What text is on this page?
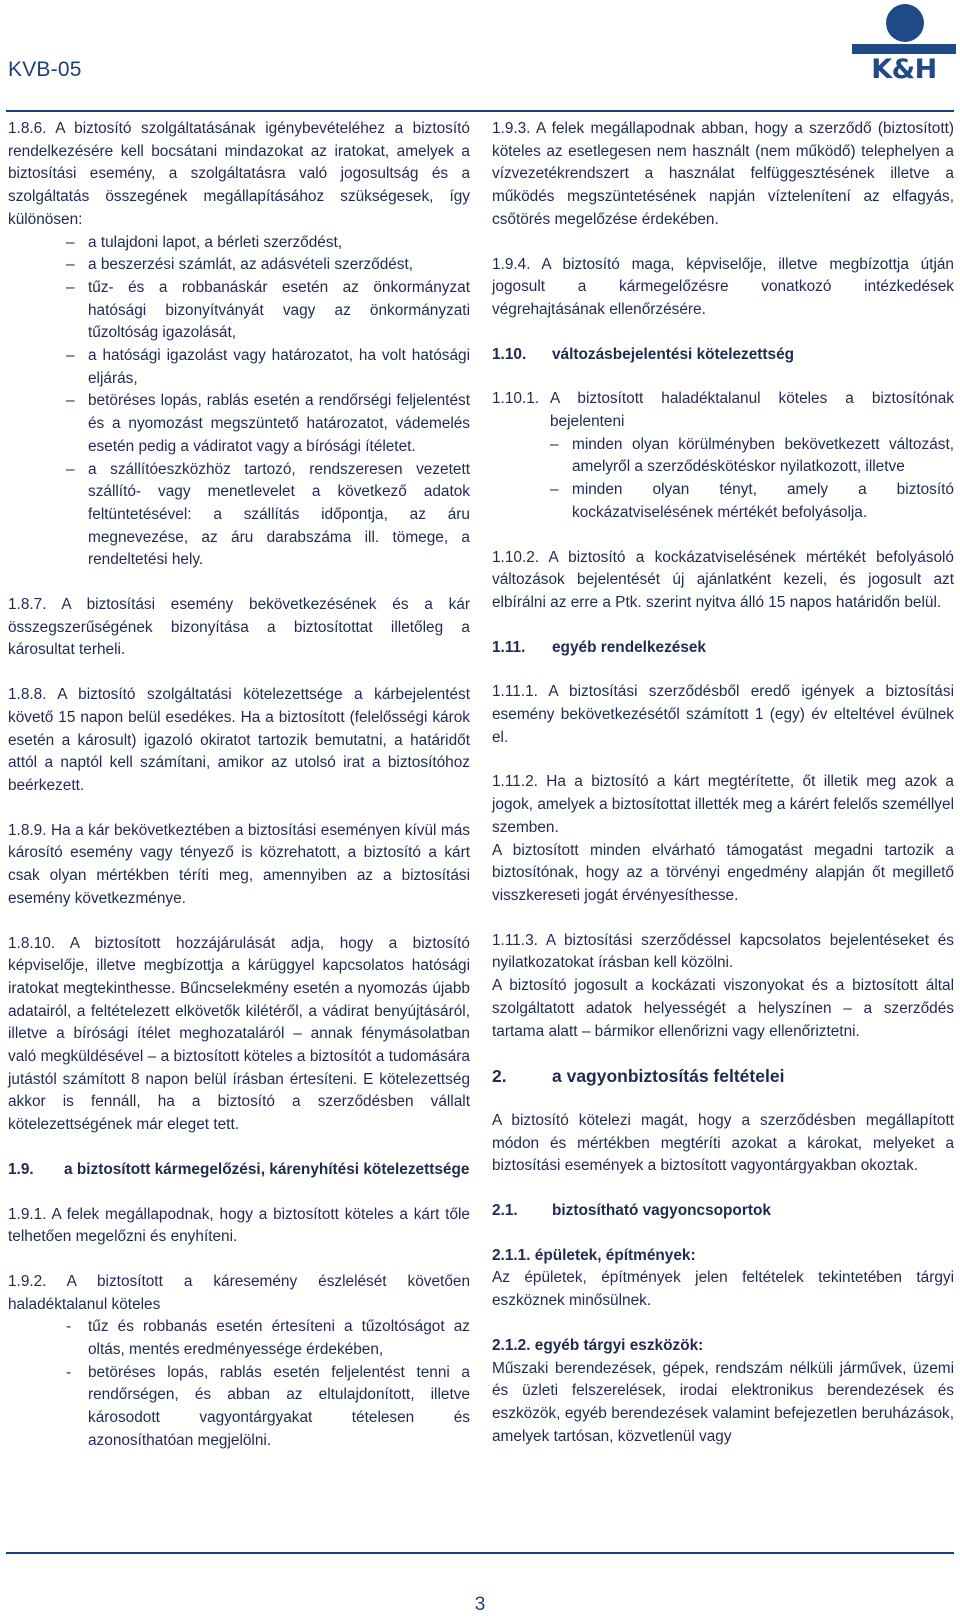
KVB-05	K&H

1.8.6. A biztosító szolgáltatásának igénybevételéhez a biztosító rendelkezésére kell bocsátani mindazokat az iratokat, amelyek a biztosítási esemény, a szolgáltatásra való jogosultság és a szolgáltatás összegének megállapításához szükségesek, így különösen:

– a tulajdoni lapot, a bérleti szerződést,
– a beszerzési számlát, az adásvételi szerződést,
– tűz- és a robbanáskár esetén az önkormányzat hatósági bizonyítványát vagy az önkormányzati tűzoltóság igazolását,
– a hatósági igazolást vagy határozatot, ha volt hatósági eljárás,
– betöréses lopás, rablás esetén a rendőrségi feljelentést és a nyomozást megszüntető határozatot, vádemelés esetén pedig a vádiratot vagy a bírósági ítéletet.
– a szállítóeszközhöz tartozó, rendszeresen vezetett szállító- vagy menetlevelet a következő adatok feltüntetésével: a szállítás időpontja, az áru megnevezése, az áru darabszáma ill. tömege, a rendeltetési hely.

1.8.7. A biztosítási esemény bekövetkezésének és a kár összegszerűségének bizonyítása a biztosítottat illetőleg a károsultat terheli.

1.8.8. A biztosító szolgáltatási kötelezettsége a kárbejelentést követő 15 napon belül esedékes. Ha a biztosított (felelősségi károk esetén a károsult) igazoló okiratot tartozik bemutatni, a határidőt attól a naptól kell számítani, amikor az utolsó irat a biztosítóhoz beérkezett.

1.8.9. Ha a kár bekövetkeztében a biztosítási eseményen kívül más károsító esemény vagy tényező is közrehatott, a biztosító a kárt csak olyan mértékben téríti meg, amennyiben az a biztosítási esemény következménye.

1.8.10. A biztosított hozzájárulását adja, hogy a biztosító képviselője, illetve megbízottja a kárüggyel kapcsolatos hatósági iratokat megtekinthesse. Bűncselekmény esetén a nyomozás újabb adatairól, a feltételezett elkövetők kilétéről, a vádirat benyújtásáról, illetve a bírósági ítélet meghozataláról – annak fénymásolatban való megküldésével – a biztosított köteles a biztosítót a tudomására jutástól számított 8 napon belül írásban értesíteni. E kötelezettség akkor is fennáll, ha a biztosító a szerződésben vállalt kötelezettségének már eleget tett.

1.9.	a biztosított kármegelőzési, kárenyhítési kötelezettsége

1.9.1. A felek megállapodnak, hogy a biztosított köteles a kárt tőle telhetően megelőzni és enyhíteni.

1.9.2. A biztosított a káresemény észlelését követően haladéktalanul köteles

- tűz és robbanás esetén értesíteni a tűzoltóságot az oltás, mentés eredményessége érdekében,
- betöréses lopás, rablás esetén feljelentést tenni a rendőrségen, és abban az eltulajdonított, illetve károsodott vagyontárgyakat tételesen és azonosíthatóan megjelölni.

1.9.3. A felek megállapodnak abban, hogy a szerződő (biztosított) köteles az esetlegesen nem használt (nem működő) telephelyen a vízvezetékrendszert a használat felfüggesztésének illetve a működés megszüntetésének napján víztelenítení az elfagyás, csőtörés megelőzése érdekében.

1.9.4. A biztosító maga, képviselője, illetve megbízottja útján jogosult a kármegelőzésre vonatkozó intézkedések végrehajtásának ellenőrzésére.

1.10. változásbejelentési kötelezettség
1.10.1. A biztosított haladéktalanul köteles a biztosítónak bejelenteni
– minden olyan körülményben bekövetkezett változást, amelyről a szerződéskötéskor nyilatkozott, illetve
– minden olyan tényt, amely a biztosító kockázatviselésének mértékét befolyásolja.

1.10.2. A biztosító a kockázatviselésének mértékét befolyásoló változások bejelentését új ajánlatként kezeli, és jogosult azt elbírálni az erre a Ptk. szerint nyitva álló 15 napos határidőn belül.

1.11. egyéb rendelkezések

1.11.1. A biztosítási szerződésből eredő igények a biztosítási esemény bekövetkezésétől számított 1 (egy) év elteltével évülnek el.

1.11.2. Ha a biztosító a kárt megtérítette, őt illetik meg azok a jogok, amelyek a biztosítottat illették meg a kárért felelős személlyel szemben.

A biztosított minden elvárható támogatást megadni tartozik a biztosítónak, hogy az a törvényi engedmény alapján őt megillető visszkereseti jogát érvényesíthesse.

1.11.3. A biztosítási szerződéssel kapcsolatos bejelentéseket és nyilatkozatokat írásban kell közölni.

A biztosító jogosult a kockázati viszonyokat és a biztosított által szolgáltatott adatok helyességét a helyszínen – a szerződés tartama alatt – bármikor ellenőrizni vagy ellenőriztetni.

2.	a vagyonbiztosítás feltételei

A biztosító kötelezi magát, hogy a szerződésben megállapított módon és mértékben megtéríti azokat a károkat, melyeket a biztosítási események a biztosított vagyontárgyakban okoztak.

2.1. biztosítható vagyoncsoportok
2.1.1. épületek, építmények:

Az épületek, építmények jelen feltételek tekintetében tárgyi eszköznek minősülnek.

2.1.2. egyéb tárgyi eszközök:

Műszaki berendezések, gépek, rendszám nélküli járművek, üzemi és üzleti felszerelések, irodai elektronikus berendezések és eszközök, egyéb berendezések valamint befejezetlen beruházások, amelyek tartósan, közvetlenül vagy

3
